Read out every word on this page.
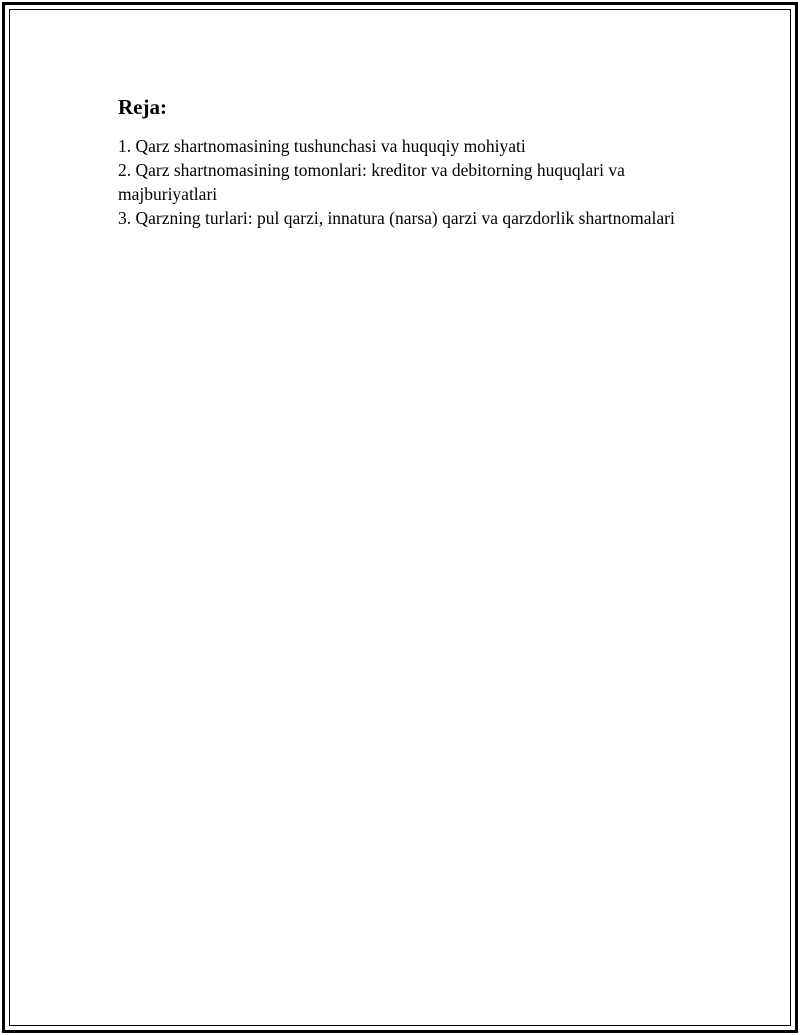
Reja:
1. Qarz shartnomasining tushunchasi va huquqiy mohiyati
2. Qarz shartnomasining tomonlari: kreditor va debitorning huquqlari va majburiyatlari
3. Qarzning turlari: pul qarzi, innatura (narsa) qarzi va qarzdorlik shartnomalari
